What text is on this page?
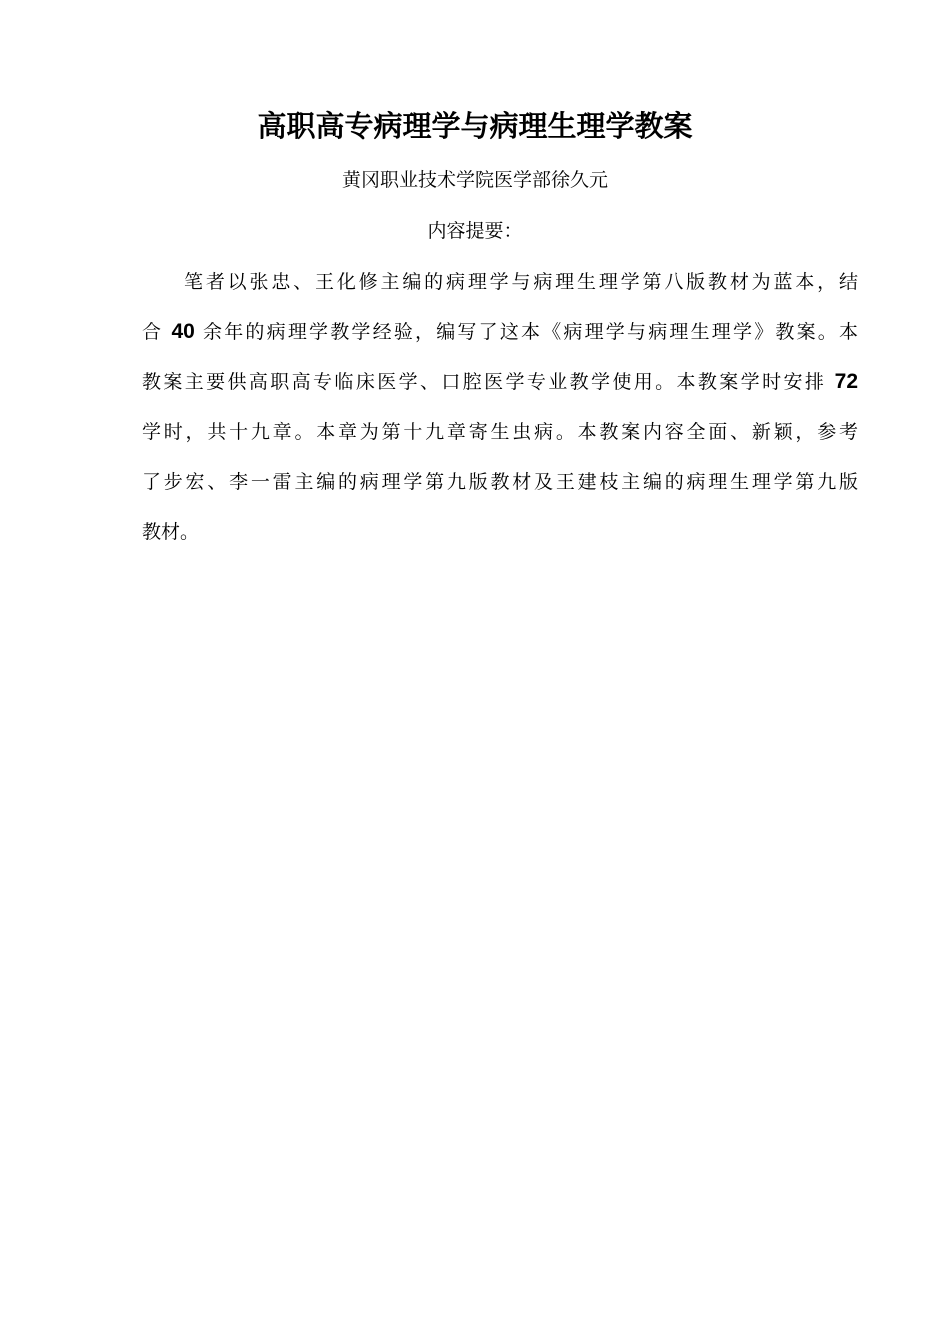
高职高专病理学与病理生理学教案
黄冈职业技术学院医学部徐久元
内容提要：
笔者以张忠、王化修主编的病理学与病理生理学第八版教材为蓝本，结
合 40 余年的病理学教学经验，编写了这本《病理学与病理生理学》教案。本
教案主要供高职高专临床医学、口腔医学专业教学使用。本教案学时安排 72
学时，共十九章。本章为第十九章寄生虫病。本教案内容全面、新颖，参考
了步宏、李一雷主编的病理学第九版教材及王建枝主编的病理生理学第九版
教材。
